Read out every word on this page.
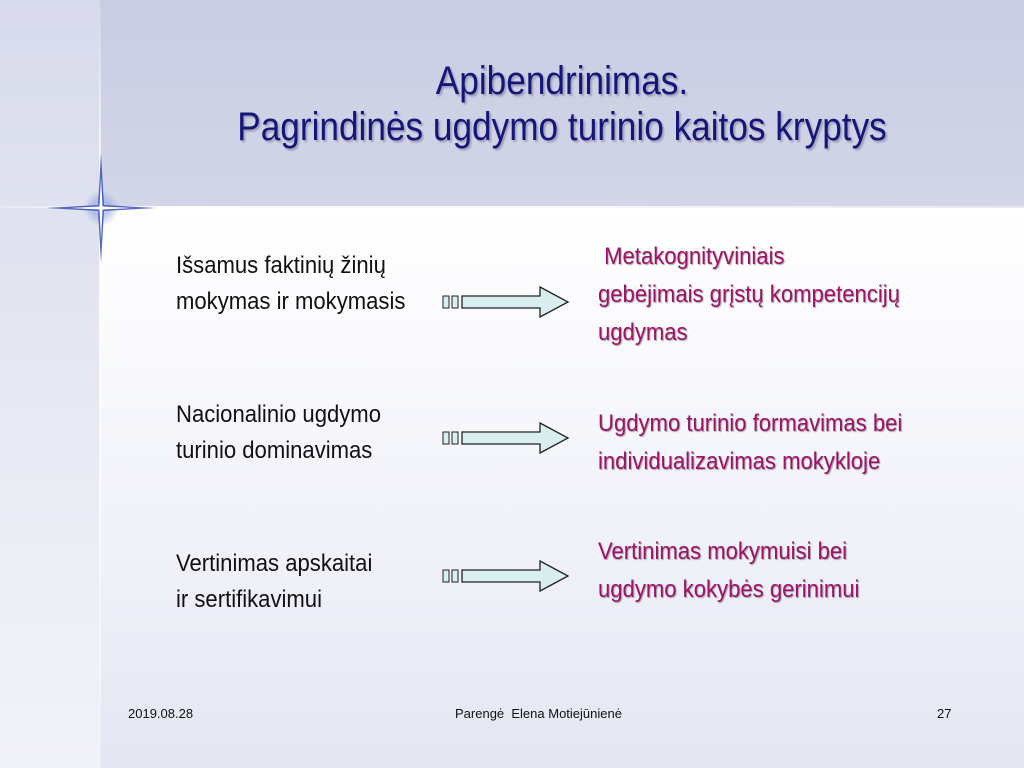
Apibendrinimas.
Pagrindinės ugdymo turinio kaitos kryptys
Išsamus faktinių žinių
mokymas ir mokymasis
Metakognityviniais
gebėjimais grįstų kompetencijų
ugdymas
Nacionalinio ugdymo
turinio dominavimas
Ugdymo turinio formavimas bei
individualizavimas mokykloje
Vertinimas apskaitai
ir sertifikavimui
Vertinimas mokymuisi bei
ugdymo kokybės gerinimui
2019.08.28	Parengė  Elena Motiejūnienė	27
